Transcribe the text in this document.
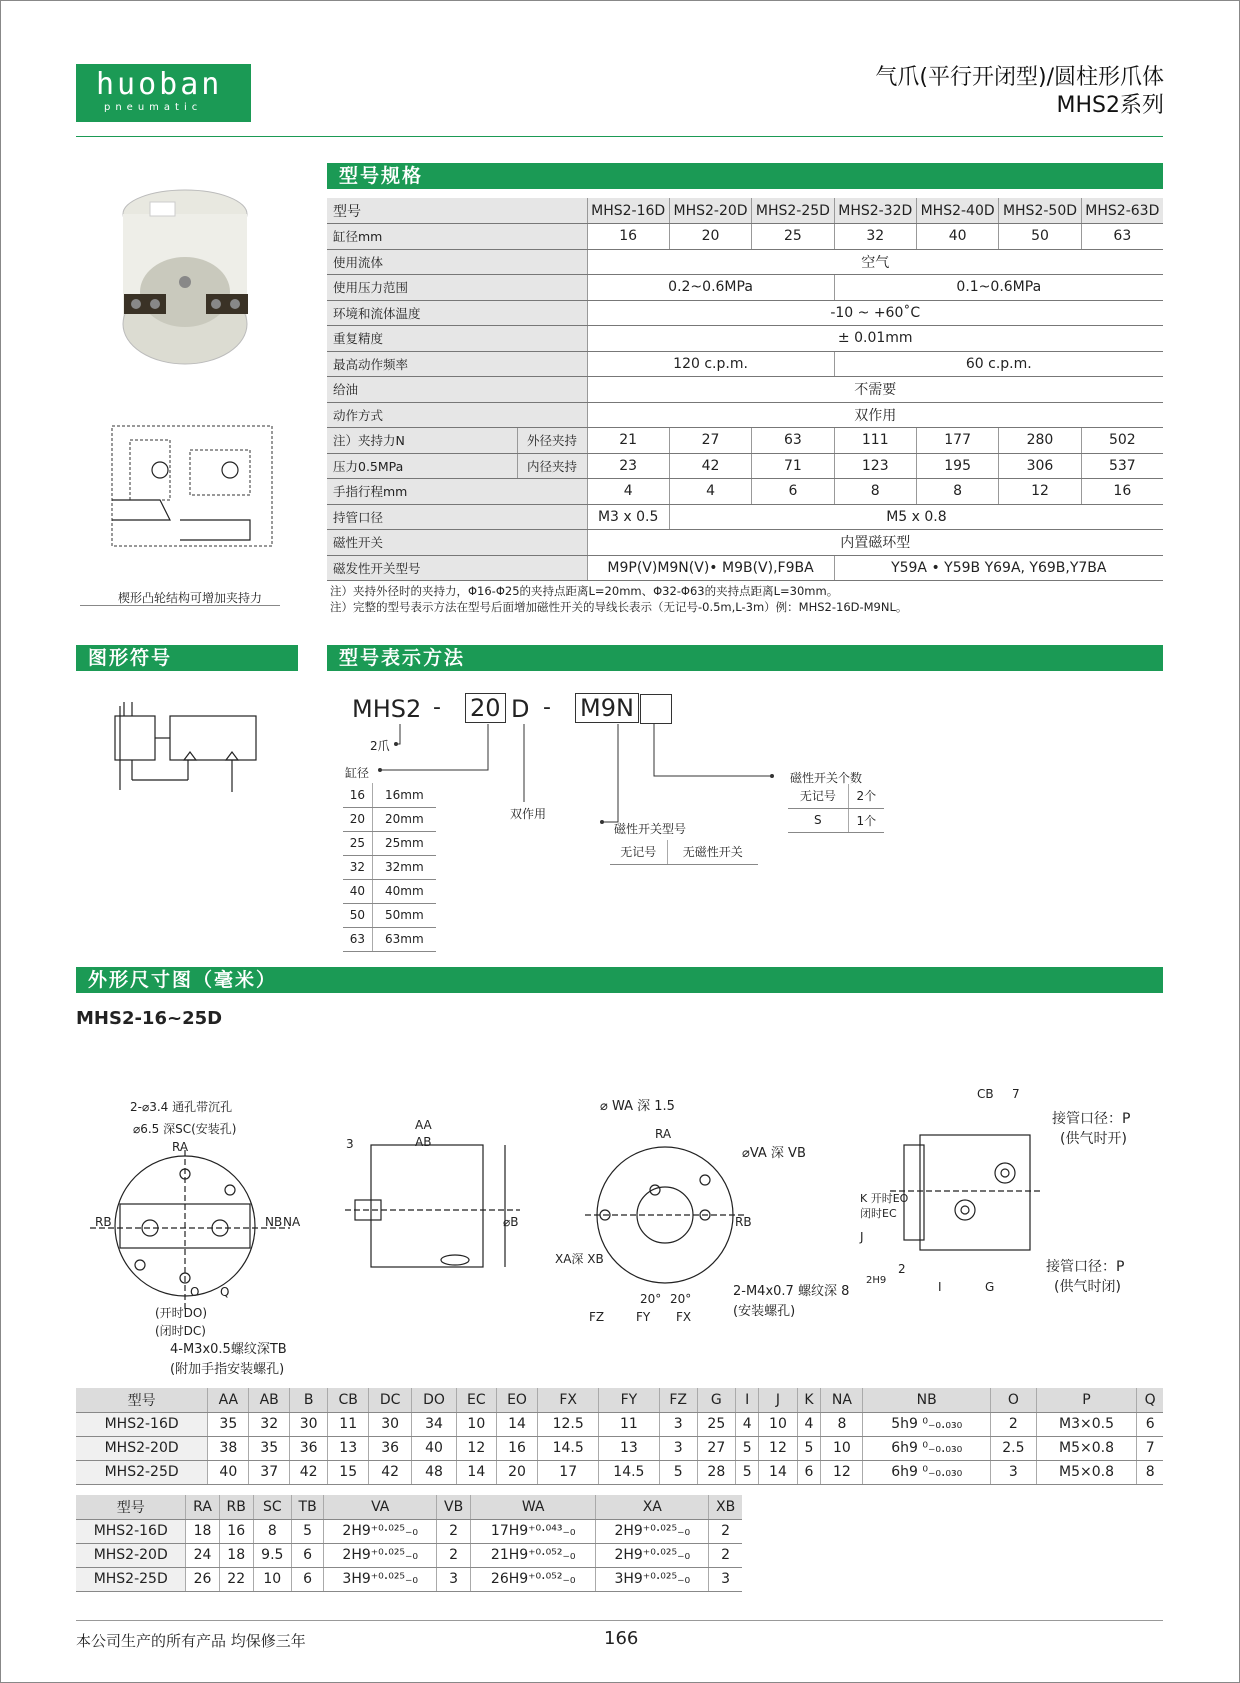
huoban
pneumatic
气爪(平行开闭型)/圆柱形爪体
MHS2系列
型号规格
楔形凸轮结构可增加夹持力
型号		MHS2-16D	MHS2-20D	MHS2-25D	MHS2-32D	MHS2-40D	MHS2-50D	MHS2-63D
缸径mm		16	20	25	32	40	50	63
使用流体		空气						
使用压力范围		0.2~0.6MPa			0.1~0.6MPa			
环境和流体温度		-10 ~ +60˚C						
重复精度		± 0.01mm						
最高动作频率		120 c.p.m.			60 c.p.m.			
给油		不需要						
动作方式		双作用						
注）夹持力N	外径夹持	21	27	63	111	177	280	502
压力0.5MPa	内径夹持	23	42	71	123	195	306	537
手指行程mm		4	4	6	8	8	12	16
持管口径		M3 x 0.5	M5 x 0.8					
磁性开关		内置磁环型						
磁发性开关型号		M9P(V)M9N(V)• M9B(V),F9BA			Y59A • Y59B Y69A, Y69B,Y7BA			
注）夹持外径时的夹持力，Φ16-Φ25的夹持点距离L=20mm、Φ32-Φ63的夹持点距离L=30mm。
注）完整的型号表示方法在型号后面增加磁性开关的导线长表示（无记号-0.5m,L-3m）例：MHS2-16D-M9NL。
图形符号	型号表示方法
MHS2 - 20 D - M9N
2爪
缸径
双作用
磁性开关型号
磁性开关个数
16	16mm
20	20mm
25	25mm
32	32mm
40	40mm
50	50mm
63	63mm
无记号	无磁性开关
无记号	2个
S	1个
外形尺寸图（毫米）
MHS2-16~25D
2-⌀3.4 通孔带沉孔
⌀6.5 深SC(安装孔)
RA
RB	NB NA
O Q
(开时DO)
(闭时DC)
4-M3x0.5螺纹深TB
(附加手指安装螺孔)
AA
AB
3
⌀B
⌀ WA 深 1.5
⌀VA 深 VB
RA
RB
XA深 XB
2-M4x0.7 螺纹深 8
(安装螺孔)
FZ	FY FX
20° 20°
CB 7
接管口径：P
(供气时开)
接管口径：P
(供气时闭)
K 开时EO
闭时EC
J
2
I	G
2H9
型号	AA	AB	B	CB	DC	DO	EC	EO	FX	FY	FZ	G	I	J	K	NA	NB	O	P	Q
MHS2-16D	35	32	30	11	30	34	10	14	12.5	11	3	25	4	10	4	8	5h9 ⁰₋₀.₀₃₀	2	M3×0.5	6
MHS2-20D	38	35	36	13	36	40	12	16	14.5	13	3	27	5	12	5	10	6h9 ⁰₋₀.₀₃₀	2.5	M5×0.8	7
MHS2-25D	40	37	42	15	42	48	14	20	17	14.5	5	28	5	14	6	12	6h9 ⁰₋₀.₀₃₀	3	M5×0.8	8
型号	RA	RB	SC	TB	VA	VB	WA	XA	XB
MHS2-16D	18	16	8	5	2H9⁺⁰·⁰²⁵₋₀	2	17H9⁺⁰·⁰⁴³₋₀	2H9⁺⁰·⁰²⁵₋₀	2
MHS2-20D	24	18	9.5	6	2H9⁺⁰·⁰²⁵₋₀	2	21H9⁺⁰·⁰⁵²₋₀	2H9⁺⁰·⁰²⁵₋₀	2
MHS2-25D	26	22	10	6	3H9⁺⁰·⁰²⁵₋₀	3	26H9⁺⁰·⁰⁵²₋₀	3H9⁺⁰·⁰²⁵₋₀	3
本公司生产的所有产品 均保修三年	166
